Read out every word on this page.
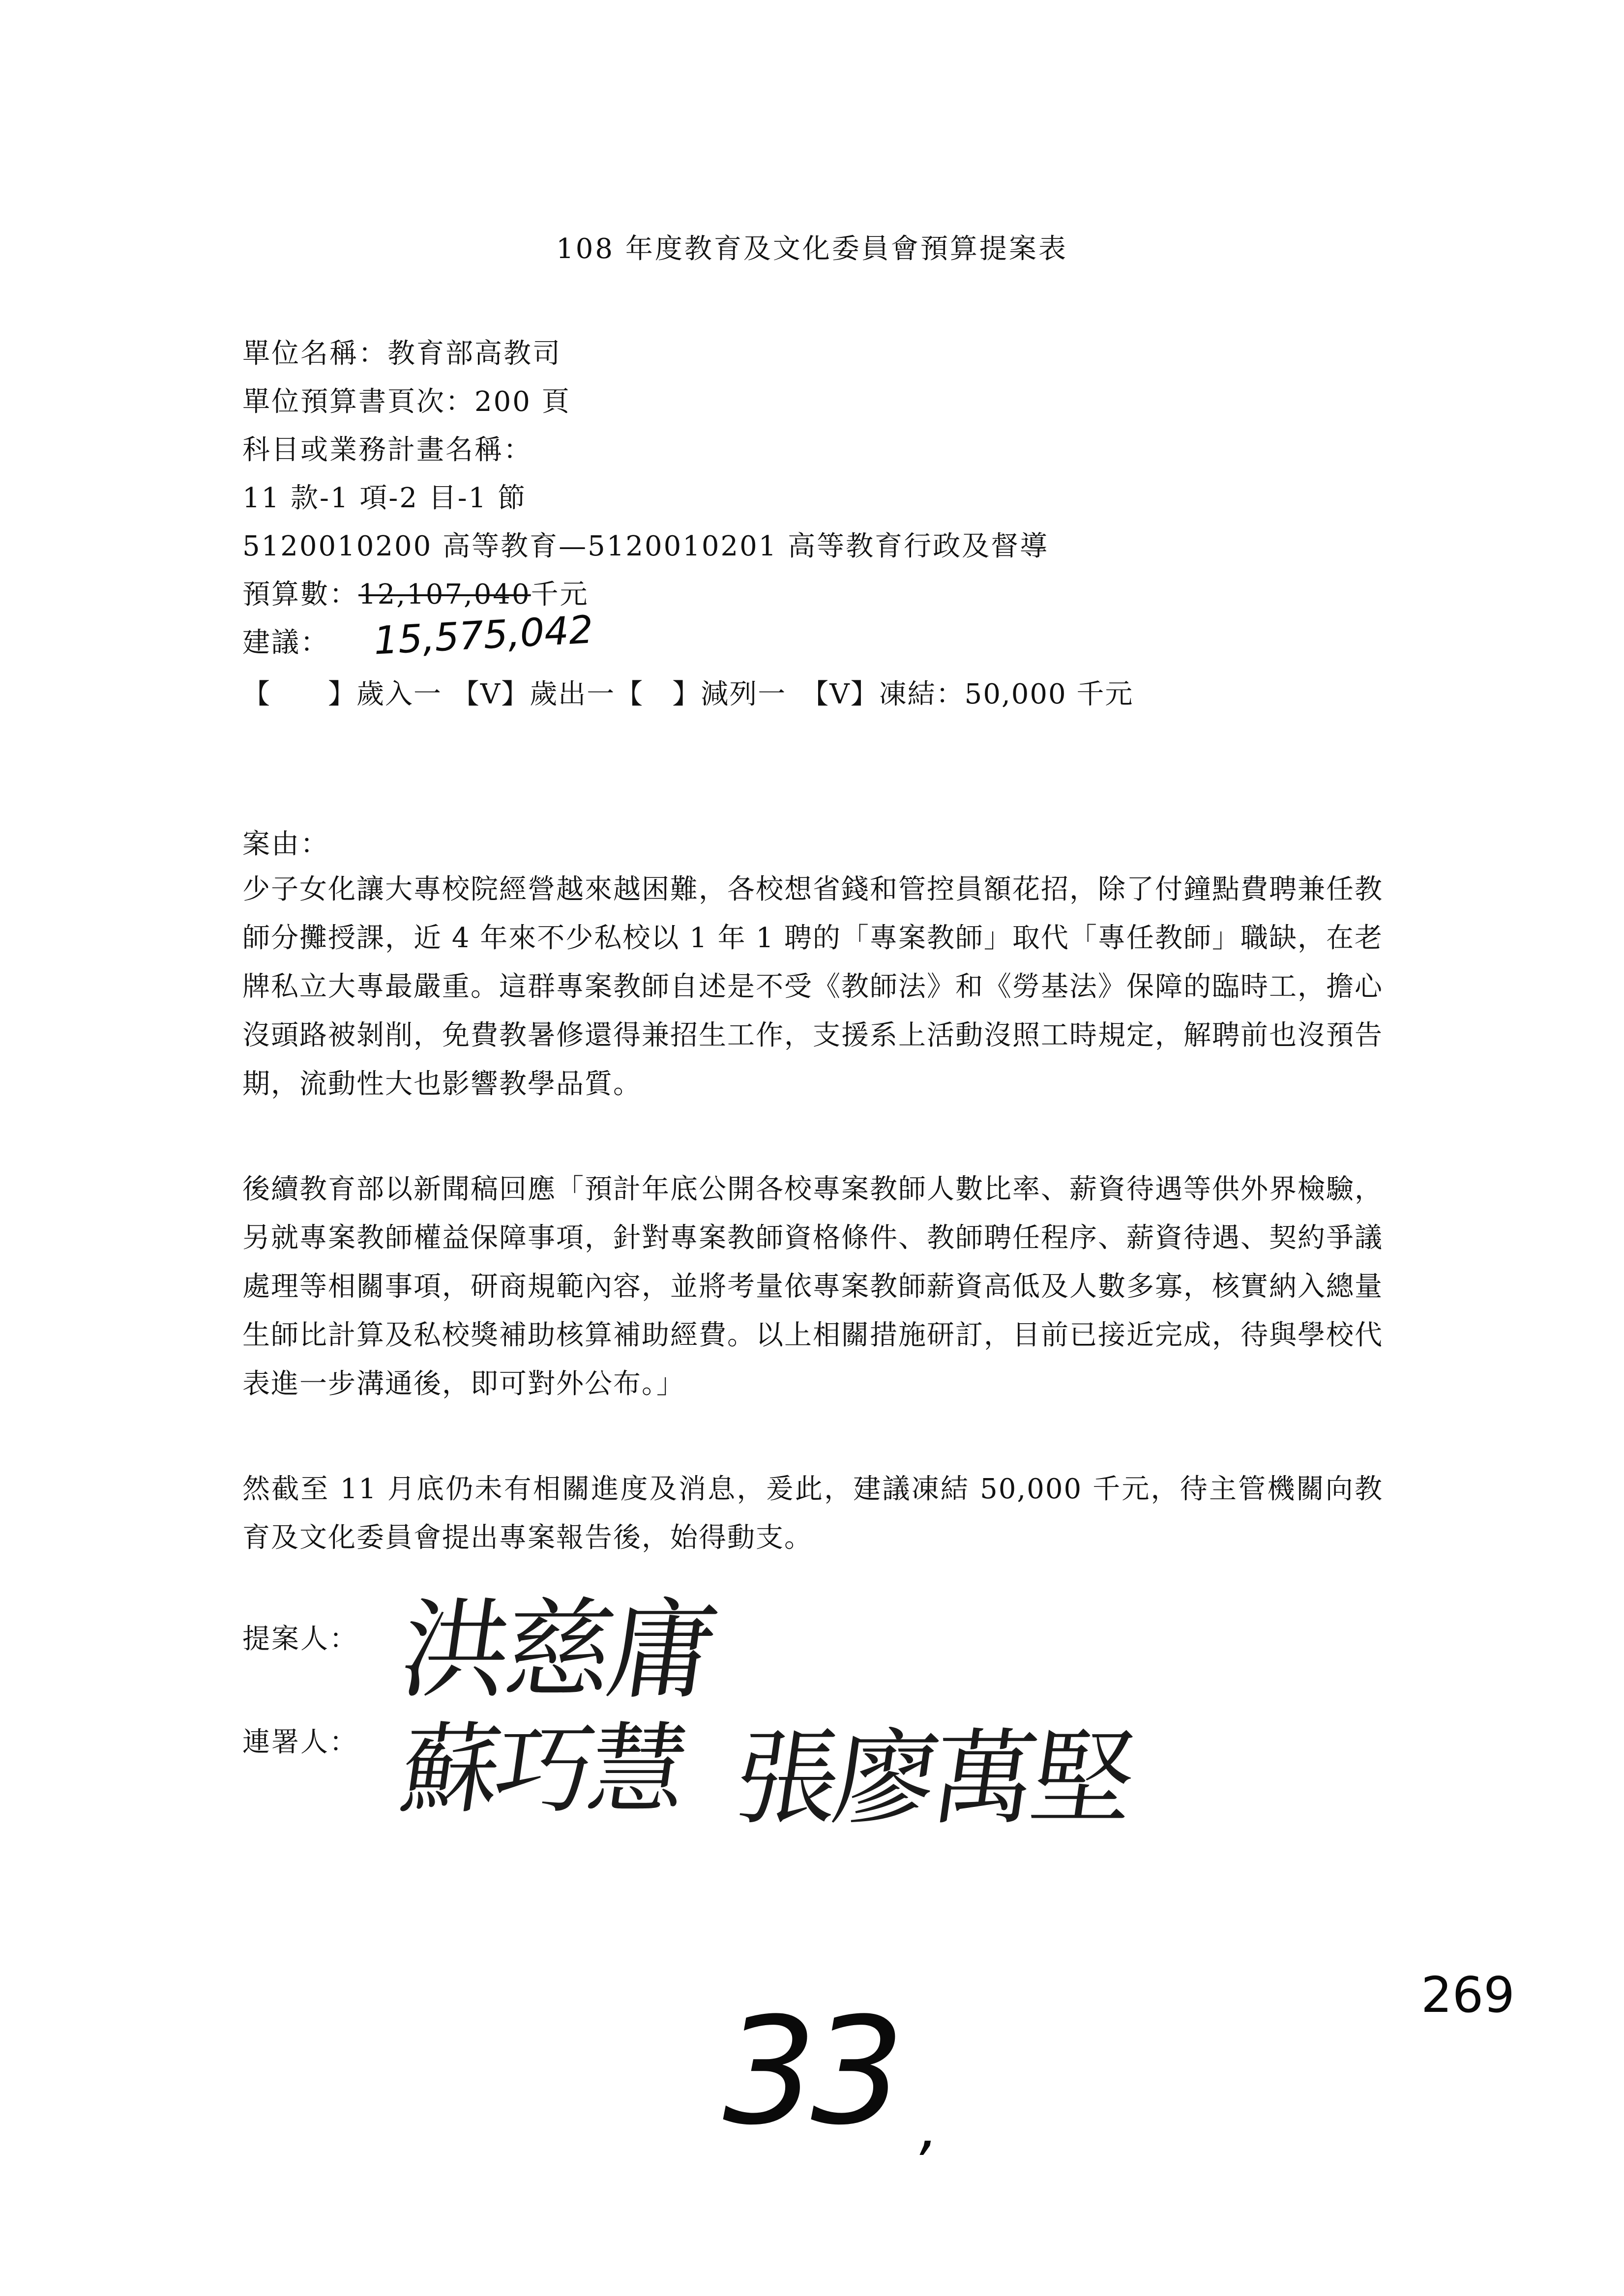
108 年度教育及文化委員會預算提案表
單位名稱：教育部高教司
單位預算書頁次：200 頁
科目或業務計畫名稱：
11 款-1 項-2 目-1 節
5120010200 高等教育—5120010201 高等教育行政及督導
預算數：12,107,040千元
建議： 15,575,042
【　　】歲入一 【V】歲出一【　】減列一　【V】凍結：50,000 千元
案由：
少子女化讓大專校院經營越來越困難，各校想省錢和管控員額花招，除了付鐘點費聘兼任教師分攤授課，近 4 年來不少私校以 1 年 1 聘的「專案教師」取代「專任教師」職缺，在老牌私立大專最嚴重。這群專案教師自述是不受《教師法》和《勞基法》保障的臨時工，擔心沒頭路被剝削，免費教暑修還得兼招生工作，支援系上活動沒照工時規定，解聘前也沒預告期，流動性大也影響教學品質。
後續教育部以新聞稿回應「預計年底公開各校專案教師人數比率、薪資待遇等供外界檢驗，另就專案教師權益保障事項，針對專案教師資格條件、教師聘任程序、薪資待遇、契約爭議處理等相關事項，研商規範內容，並將考量依專案教師薪資高低及人數多寡，核實納入總量生師比計算及私校獎補助核算補助經費。以上相關措施研訂，目前已接近完成，待與學校代表進一步溝通後，即可對外公布。」
然截至 11 月底仍未有相關進度及消息，爰此，建議凍結 50,000 千元，待主管機關向教育及文化委員會提出專案報告後，始得動支。
提案人： 洪慈庸
連署人： 蘇巧慧 張廖萬堅
33 ,
269
